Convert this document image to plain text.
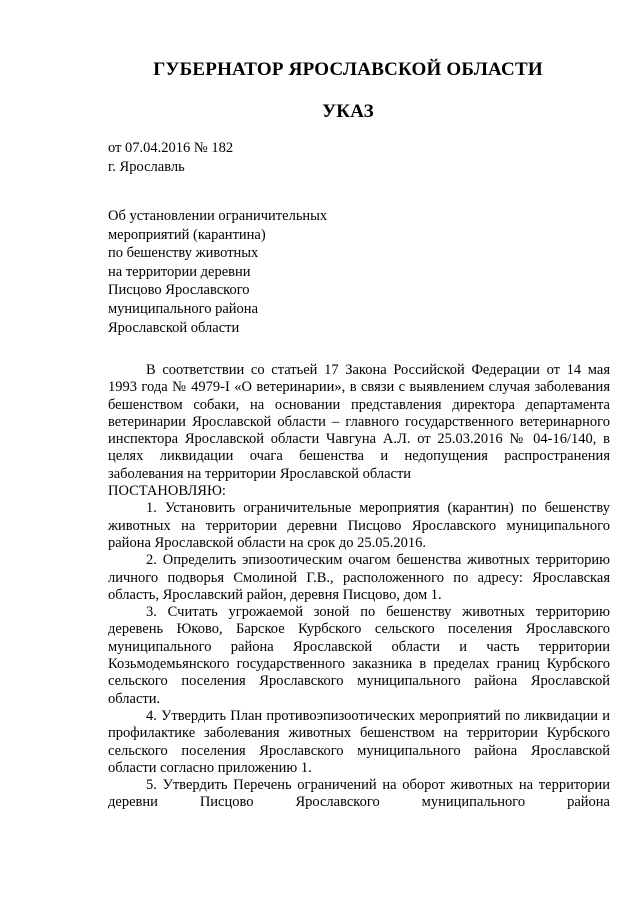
ГУБЕРНАТОР ЯРОСЛАВСКОЙ ОБЛАСТИ
УКАЗ
от 07.04.2016 № 182
г. Ярославль
Об установлении ограничительных
мероприятий (карантина)
по бешенству животных
на территории деревни
Писцово Ярославского
муниципального района
Ярославской области

В соответствии со статьей 17 Закона Российской Федерации от 14 мая 1993 года № 4979-I «О ветеринарии», в связи с выявлением случая заболевания бешенством собаки, на основании представления директора департамента ветеринарии Ярославской области – главного государственного ветеринарного инспектора Ярославской области Чавгуна А.Л. от 25.03.2016 № 04-16/140, в целях ликвидации очага бешенства и недопущения распространения заболевания на территории Ярославской области

ПОСТАНОВЛЯЮ:

1. Установить ограничительные мероприятия (карантин) по бешенству животных на территории деревни Писцово Ярославского муниципального района Ярославской области на срок до 25.05.2016.

2. Определить эпизоотическим очагом бешенства животных территорию личного подворья Смолиной Г.В., расположенного по адресу: Ярославская область, Ярославский район, деревня Писцово, дом 1.

3. Считать угрожаемой зоной по бешенству животных территорию деревень Юково, Барское Курбского сельского поселения Ярославского муниципального района Ярославской области и часть территории Козьмодемьянского государственного заказника в пределах границ Курбского сельского поселения Ярославского муниципального района Ярославской области.

4. Утвердить План противоэпизоотических мероприятий по ликвидации и профилактике заболевания животных бешенством на территории Курбского сельского поселения Ярославского муниципального района Ярославской области согласно приложению 1.

5. Утвердить Перечень ограничений на оборот животных на территории деревни Писцово Ярославского муниципального района
